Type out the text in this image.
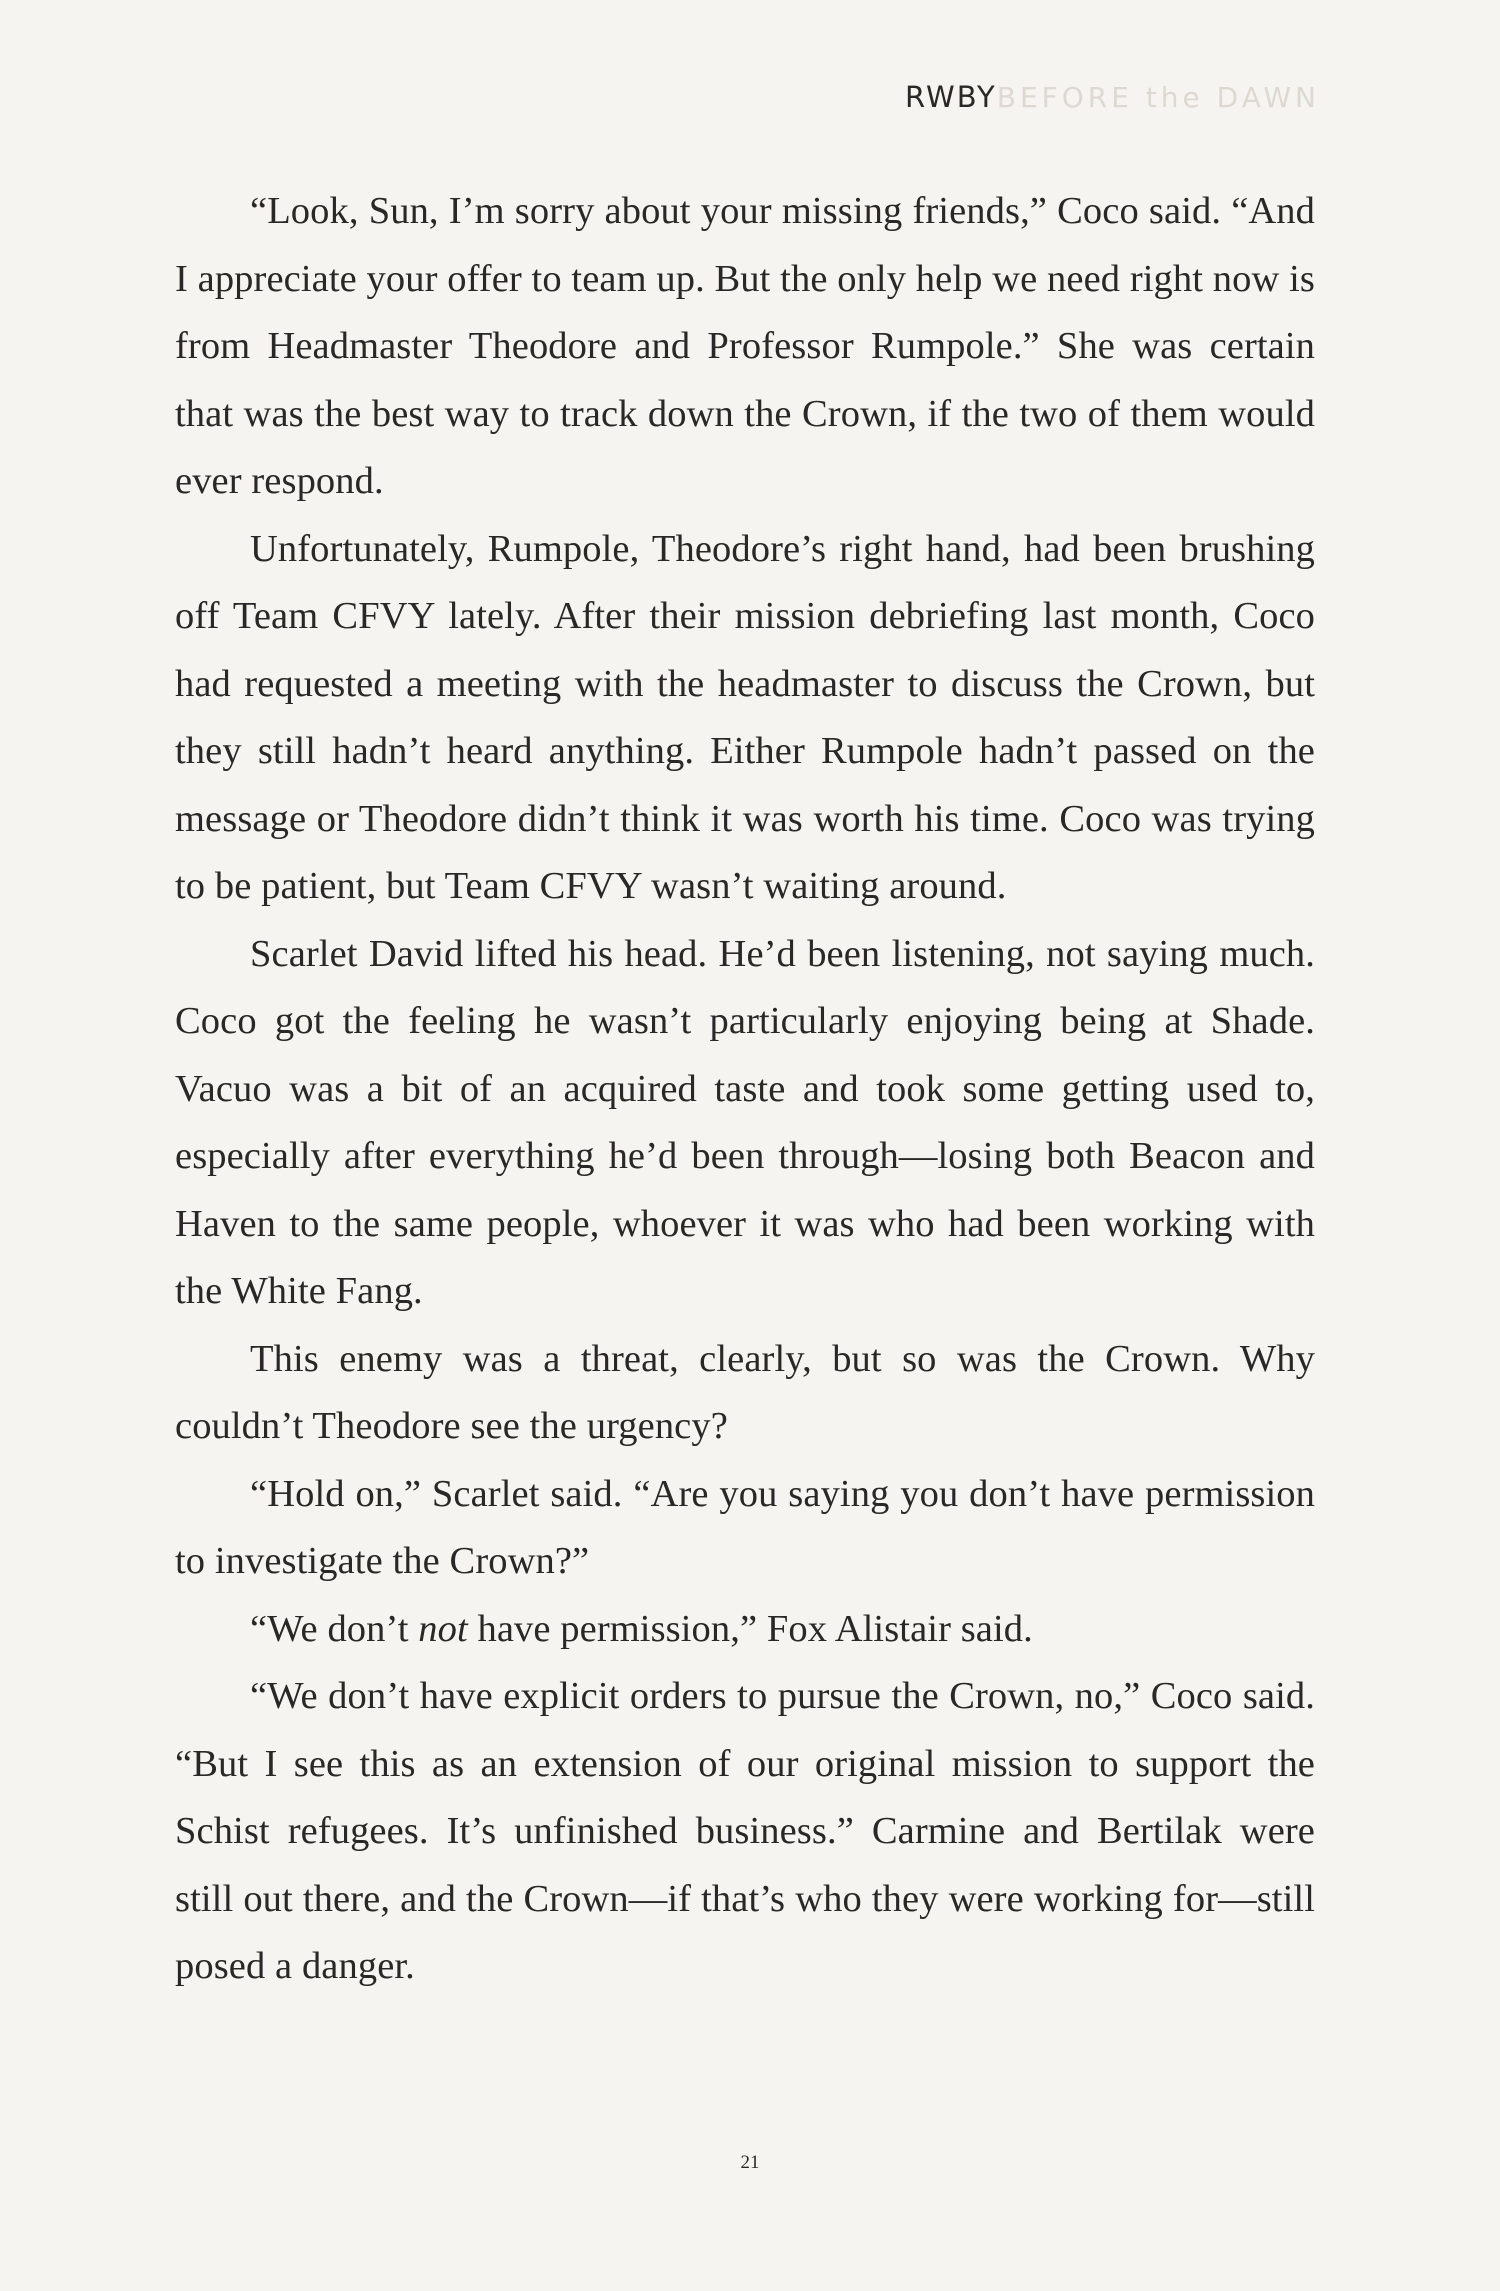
RWBYBEFORE the DAWN

“Look, Sun, I’m sorry about your missing friends,” Coco said. “And I appreciate your offer to team up. But the only help we need right now is from Headmaster Theodore and Professor Rumpole.” She was certain that was the best way to track down the Crown, if the two of them would ever respond.

Unfortunately, Rumpole, Theodore’s right hand, had been brushing off Team CFVY lately. After their mission debriefing last month, Coco had requested a meeting with the headmaster to discuss the Crown, but they still hadn’t heard anything. Either Rumpole hadn’t passed on the message or Theodore didn’t think it was worth his time. Coco was trying to be patient, but Team CFVY wasn’t waiting around.

Scarlet David lifted his head. He’d been listening, not saying much. Coco got the feeling he wasn’t particularly enjoying being at Shade. Vacuo was a bit of an acquired taste and took some getting used to, especially after everything he’d been through—losing both Beacon and Haven to the same people, whoever it was who had been working with the White Fang.

This enemy was a threat, clearly, but so was the Crown. Why couldn’t Theodore see the urgency?

“Hold on,” Scarlet said. “Are you saying you don’t have permission to investigate the Crown?”

“We don’t not have permission,” Fox Alistair said.

“We don’t have explicit orders to pursue the Crown, no,” Coco said. “But I see this as an extension of our original mission to support the Schist refugees. It’s unfinished business.” Carmine and Bertilak were still out there, and the Crown—if that’s who they were working for—still posed a danger.

21
